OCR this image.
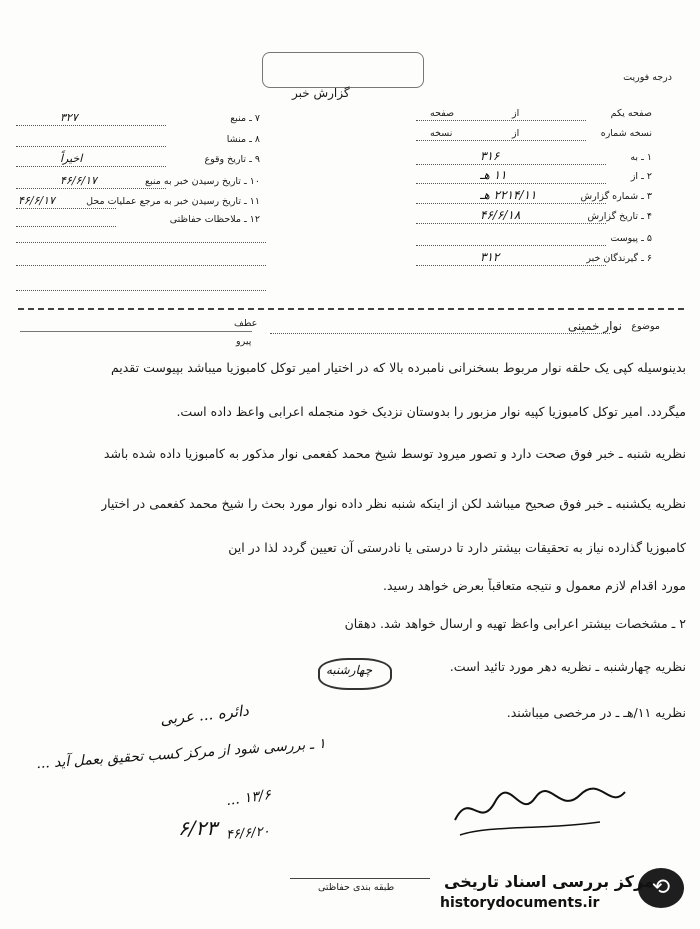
درجه فوریت
گزارش خبر
صفحه یکم
از
صفحه
نسخه شماره
از
نسخه
۱ ـ به
۳۱۶
۲ ـ از
۱۱ هـ
۳ ـ شماره گزارش
۲۲۱۴/۱۱ هـ
۴ ـ تاریخ گزارش
۴۶/۶/۱۸
۵ ـ پیوست
۶ ـ گیرندگان خبر
۳۱۲
۷ ـ منبع
۳۲۷
۸ ـ منشا
۹ ـ تاریخ وقوع
اخیراً
۱۰ ـ تاریخ رسیدن خبر به منبع
۴۶/۶/۱۷
۱۱ ـ تاریخ رسیدن خبر به مرجع عملیات محل
۴۶/۶/۱۷
۱۲ ـ ملاحظات حفاظتی
موضوع
نوار خمینی
عطف
پیرو
بدینوسیله کپی یک حلقه نوار مربوط بسخنرانی نامبرده بالا که در اختیار امیر توکل کامبوزیا میباشد بپیوست تقدیم
میگردد. امیر توکل کامبوزیا کپیه نوار مزبور را بدوستان نزدیک خود منجمله اعرابی واعظ داده است.
نظریه شنبه ـ خبر فوق صحت دارد و تصور میرود توسط شیخ محمد کفعمی نوار مذکور به کامبوزیا داده شده باشد
نظریه یکشنبه ـ خبر فوق صحیح میباشد لکن از اینکه شنبه نظر داده نوار مورد بحث را شیخ محمد کفعمی در اختیار
کامبوزیا گذارده نیاز به تحقیقات بیشتر دارد تا درستی یا نادرستی آن تعیین گردد لذا در این
مورد اقدام لازم معمول و نتیجه متعاقباً بعرض خواهد رسید.
۲ ـ مشخصات بیشتر اعرابی واعظ تهیه و ارسال خواهد شد. دهقان
نظریه چهارشنبه ـ نظریه دهر مورد تائید است.
نظریه ۱۱/هـ ـ در مرخصی میباشند.
چهارشنبه
دائره ... عربی
۱ ـ بررسی شود از مرکز کسب تحقیق بعمل آید ...
۱۳/۶ ...
۴۶/۶/۲۰
۶/۲۳
طبقه بندی حفاظتی	⟲
مرکز بررسی اسناد تاریخی
historydocuments.ir
